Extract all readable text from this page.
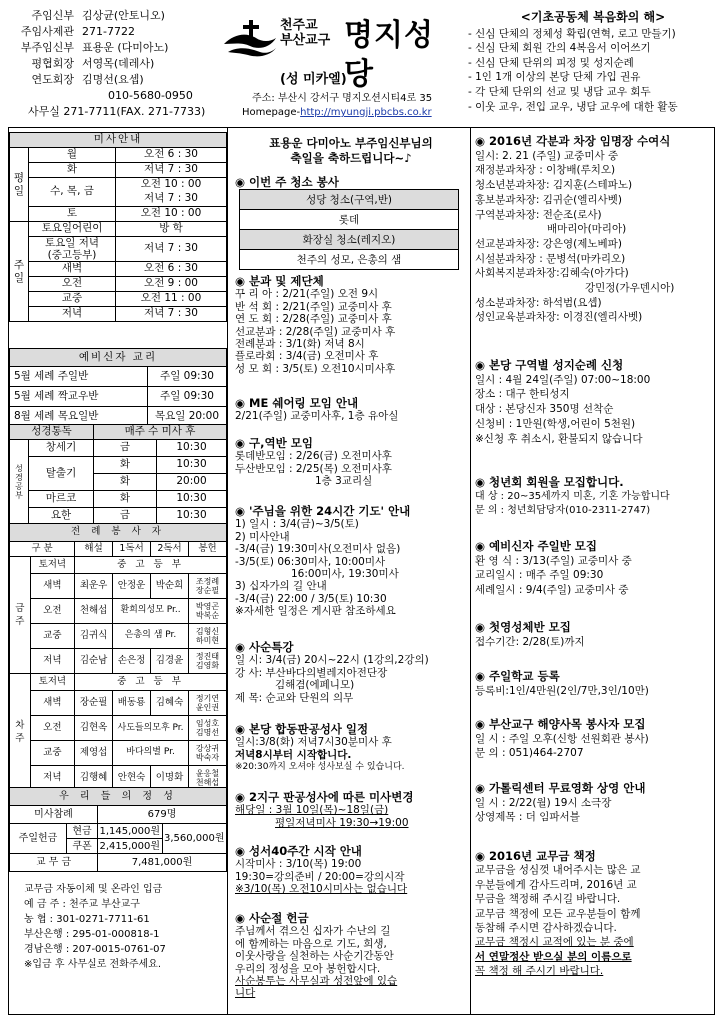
주임신부 김상균(안토니오)
주임사제관 271-7722
부주임신부 표용운 (다미아노)
평협회장 서영목(데레사)
연도회장 김명선(요셉)
010-5680-0950
사무실 271-7711(FAX. 271-7733)
천주교
부산교구 명지성당
(성 미카엘)
주소: 부산시 강서구 명지오션시티4로 35
Homepage-http://myungji.pbcbs.co.kr
<기초공동체 복음화의 해>
- 신심 단체의 정체성 확립(연혁, 로고 만들기)
- 신심 단체 회원 간의 4복음서 이어쓰기
- 신심 단체 단위의 피정 및 성지순례
- 1인 1개 이상의 본당 단체 가입 권유
- 각 단체 단위의 선교 및 냉담 교우 회두
- 이웃 교우, 전입 교우, 냉담 교우에 대한 활동
미사안내		

평
일	월	오전 6 : 30
	화	저녁 7 : 30
	수, 목, 금	오전 10 : 00
		저녁 7 : 30
	토	오전 10 : 00

주
일	토요일어린이	방 학

	토요일 저녁
(중고등부)	저녁 7 : 30
	새벽	오전 6 : 30
	오전	오전 9 : 00
	교중	오전 11 : 00
	저녁	저녁 7 : 30
예비신자 교리	
5월 세례 주일반	주일 09:30
5월 세례 짝교우반	주일 09:30
8월 세례 목요일반	목요일 20:00
성경통독		매주 수 미사 후	

성
경
공
부	창세기	금	10:30
	탈출기	화	10:30
		화	20:00
	마르코	화	10:30
	요한	금	10:30
전 례 봉 사 자					
구 분		해설	1독서	2독서	봉헌

금
주	토저녁	중 고 등 부			
	새벽	최운우	안정운	박순희	조정례
장순필

	오전	천해섭	환희의성모 Pr..		박영곤
박복순

	교중	김귀식	은총의 샘 Pr.		김형신
하미현

	저녁	김순남	손은정	김경윤	정진태
김영화

차
주	토저녁	중 고 등 부			
	새벽	장순필	배동룡	김혜숙	정기연
윤인권

	오전	김현옥	사도들의모후 Pr.		임성호
김명선

	교중	제영섭	바다의별 Pr.		강상귀
박숙자

	저녁	김행혜	안현숙	이명화	윤응철
천해섭
우 리 들 의 정 성			
미사참례		679명	
주일헌금	현금	1,145,000원	3,560,000원
	쿠폰	2,415,000원	
교 무 금		7,481,000원	
교무금 자동이체 및 온라인 입금
예 금 주 : 천주교 부산교구
농 협 : 301-0271-7711-61
부산은행 : 295-01-000818-1
경남은행 : 207-0015-0761-07
※입금 후 사무실로 전화주세요.
표용운 다미아노 부주임신부님의
축일을 축하드립니다~♪
◉ 이번 주 청소 봉사
성당 청소(구역,반)
롯데
화장실 청소(레지오)
천주의 성모, 은총의 샘
◉ 분과 및 제단체
꾸 리 아 : 2/21(주일) 오전 9시
반 석 회 : 2/21(주일) 교중미사 후
연 도 회 : 2/28(주일) 교중미사 후
선교분과 : 2/28(주일) 교중미사 후
전례분과 : 3/1(화) 저녁 8시
플로라회 : 3/4(금) 오전미사 후
성 모 회 : 3/5(토) 오전10시미사후
◉ ME 쉐어링 모임 안내
2/21(주일) 교중미사후, 1층 유아실
◉ 구,역반 모임
롯데반모임 : 2/26(금) 오전미사후
두산반모임 : 2/25(목) 오전미사후
1층 3교리실
◉ '주님을 위한 24시간 기도' 안내
1) 일시 : 3/4(금)~3/5(토)
2) 미사안내
-3/4(금) 19:30미사(오전미사 없음)
-3/5(토) 06:30미사, 10:00미사
16:00미사, 19:30미사
3) 십자가의 길 안내
-3/4(금) 22:00 / 3/5(토) 10:30
※자세한 일정은 게시판 참조하세요
◉ 사순특강
일 시: 3/4(금) 20시~22시 (1강의,2강의)
강 사: 부산바다의별레지아전단장
김해겸(에페니모)
제 목: 순교와 단원의 의무
◉ 본당 합동판공성사 일정
일시:3/8(화) 저녁7시30분미사 후
저녁8시부터 시작합니다.
※20:30까지 오셔야 성사보실 수 있습니다.
◉ 2지구 판공성사에 따른 미사변경
해당일 : 3월 10일(목)~18일(금)
평일저녁미사 19:30→19:00
◉ 성서40주간 시작 안내
시작미사 : 3/10(목) 19:00
19:30=강의준비 / 20:00=강의시작
※3/10(목) 오전10시미사는 없습니다
◉ 사순절 헌금
주님께서 겪으신 십자가 수난의 길
에 함께하는 마음으로 기도, 희생,
이웃사랑을 실천하는 사순기간동안
우리의 정성을 모아 봉헌합시다.
사순봉투는 사무실과 성전앞에 있습
니다
◉ 2016년 각분과 차장 임명장 수여식
일시: 2. 21 (주일) 교중미사 중
재정분과차장 : 이창배(루치오)
청소년분과차장: 김지훈(스테파노)
홍보분과차장: 김귀순(엘리사벳)
구역분과차장: 전순조(로사)
배마리아(마리아)
선교분과차장: 강은영(제노베파)
시설분과차장 : 문병석(마카리오)
사회복지분과차장:김혜숙(아가다)
강민정(가우덴시아)
성소분과차장: 하석범(요셉)
성인교육분과차장: 이경진(엘리사벳)
◉ 본당 구역별 성지순례 신청
일시 : 4월 24일(주일) 07:00~18:00
장소 : 대구 한티성지
대상 : 본당신자 350명 선착순
신청비 : 1만원(학생,어린이 5천원)
※신청 후 취소시, 환불되지 않습니다
◉ 청년회 회원을 모집합니다.
대 상 : 20~35세까지 미혼, 기혼 가능합니다
문 의 : 청년회담당자(010-2311-2747)
◉ 예비신자 주일반 모집
환 영 식 : 3/13(주일) 교중미사 중
교리일시 : 매주 주일 09:30
세례일시 : 9/4(주일) 교중미사 중
◉ 첫영성체반 모집
접수기간: 2/28(토)까지
◉ 주일학교 등록
등록비:1인/4만원(2인/7만,3인/10만)
◉ 부산교구 해양사목 봉사자 모집
일 시 : 주일 오후(신항 선원회관 봉사)
문 의 : 051)464-2707
◉ 가톨릭센터 무료영화 상영 안내
일 시 : 2/22(월) 19시 소극장
상영제목 : 더 임파서블
◉ 2016년 교무금 책정
교무금을 성심껏 내어주시는 많은 교
우분들에게 감사드리며, 2016년 교
무금을 책정해 주시길 바랍니다.
교무금 책정에 모든 교우분들이 함께
동참해 주시면 감사하겠습니다.
교무금 책정시 교적에 있는 분 중에
서 연말정산 받으실 분의 이름으로
꼭 책정 해 주시기 바랍니다.
